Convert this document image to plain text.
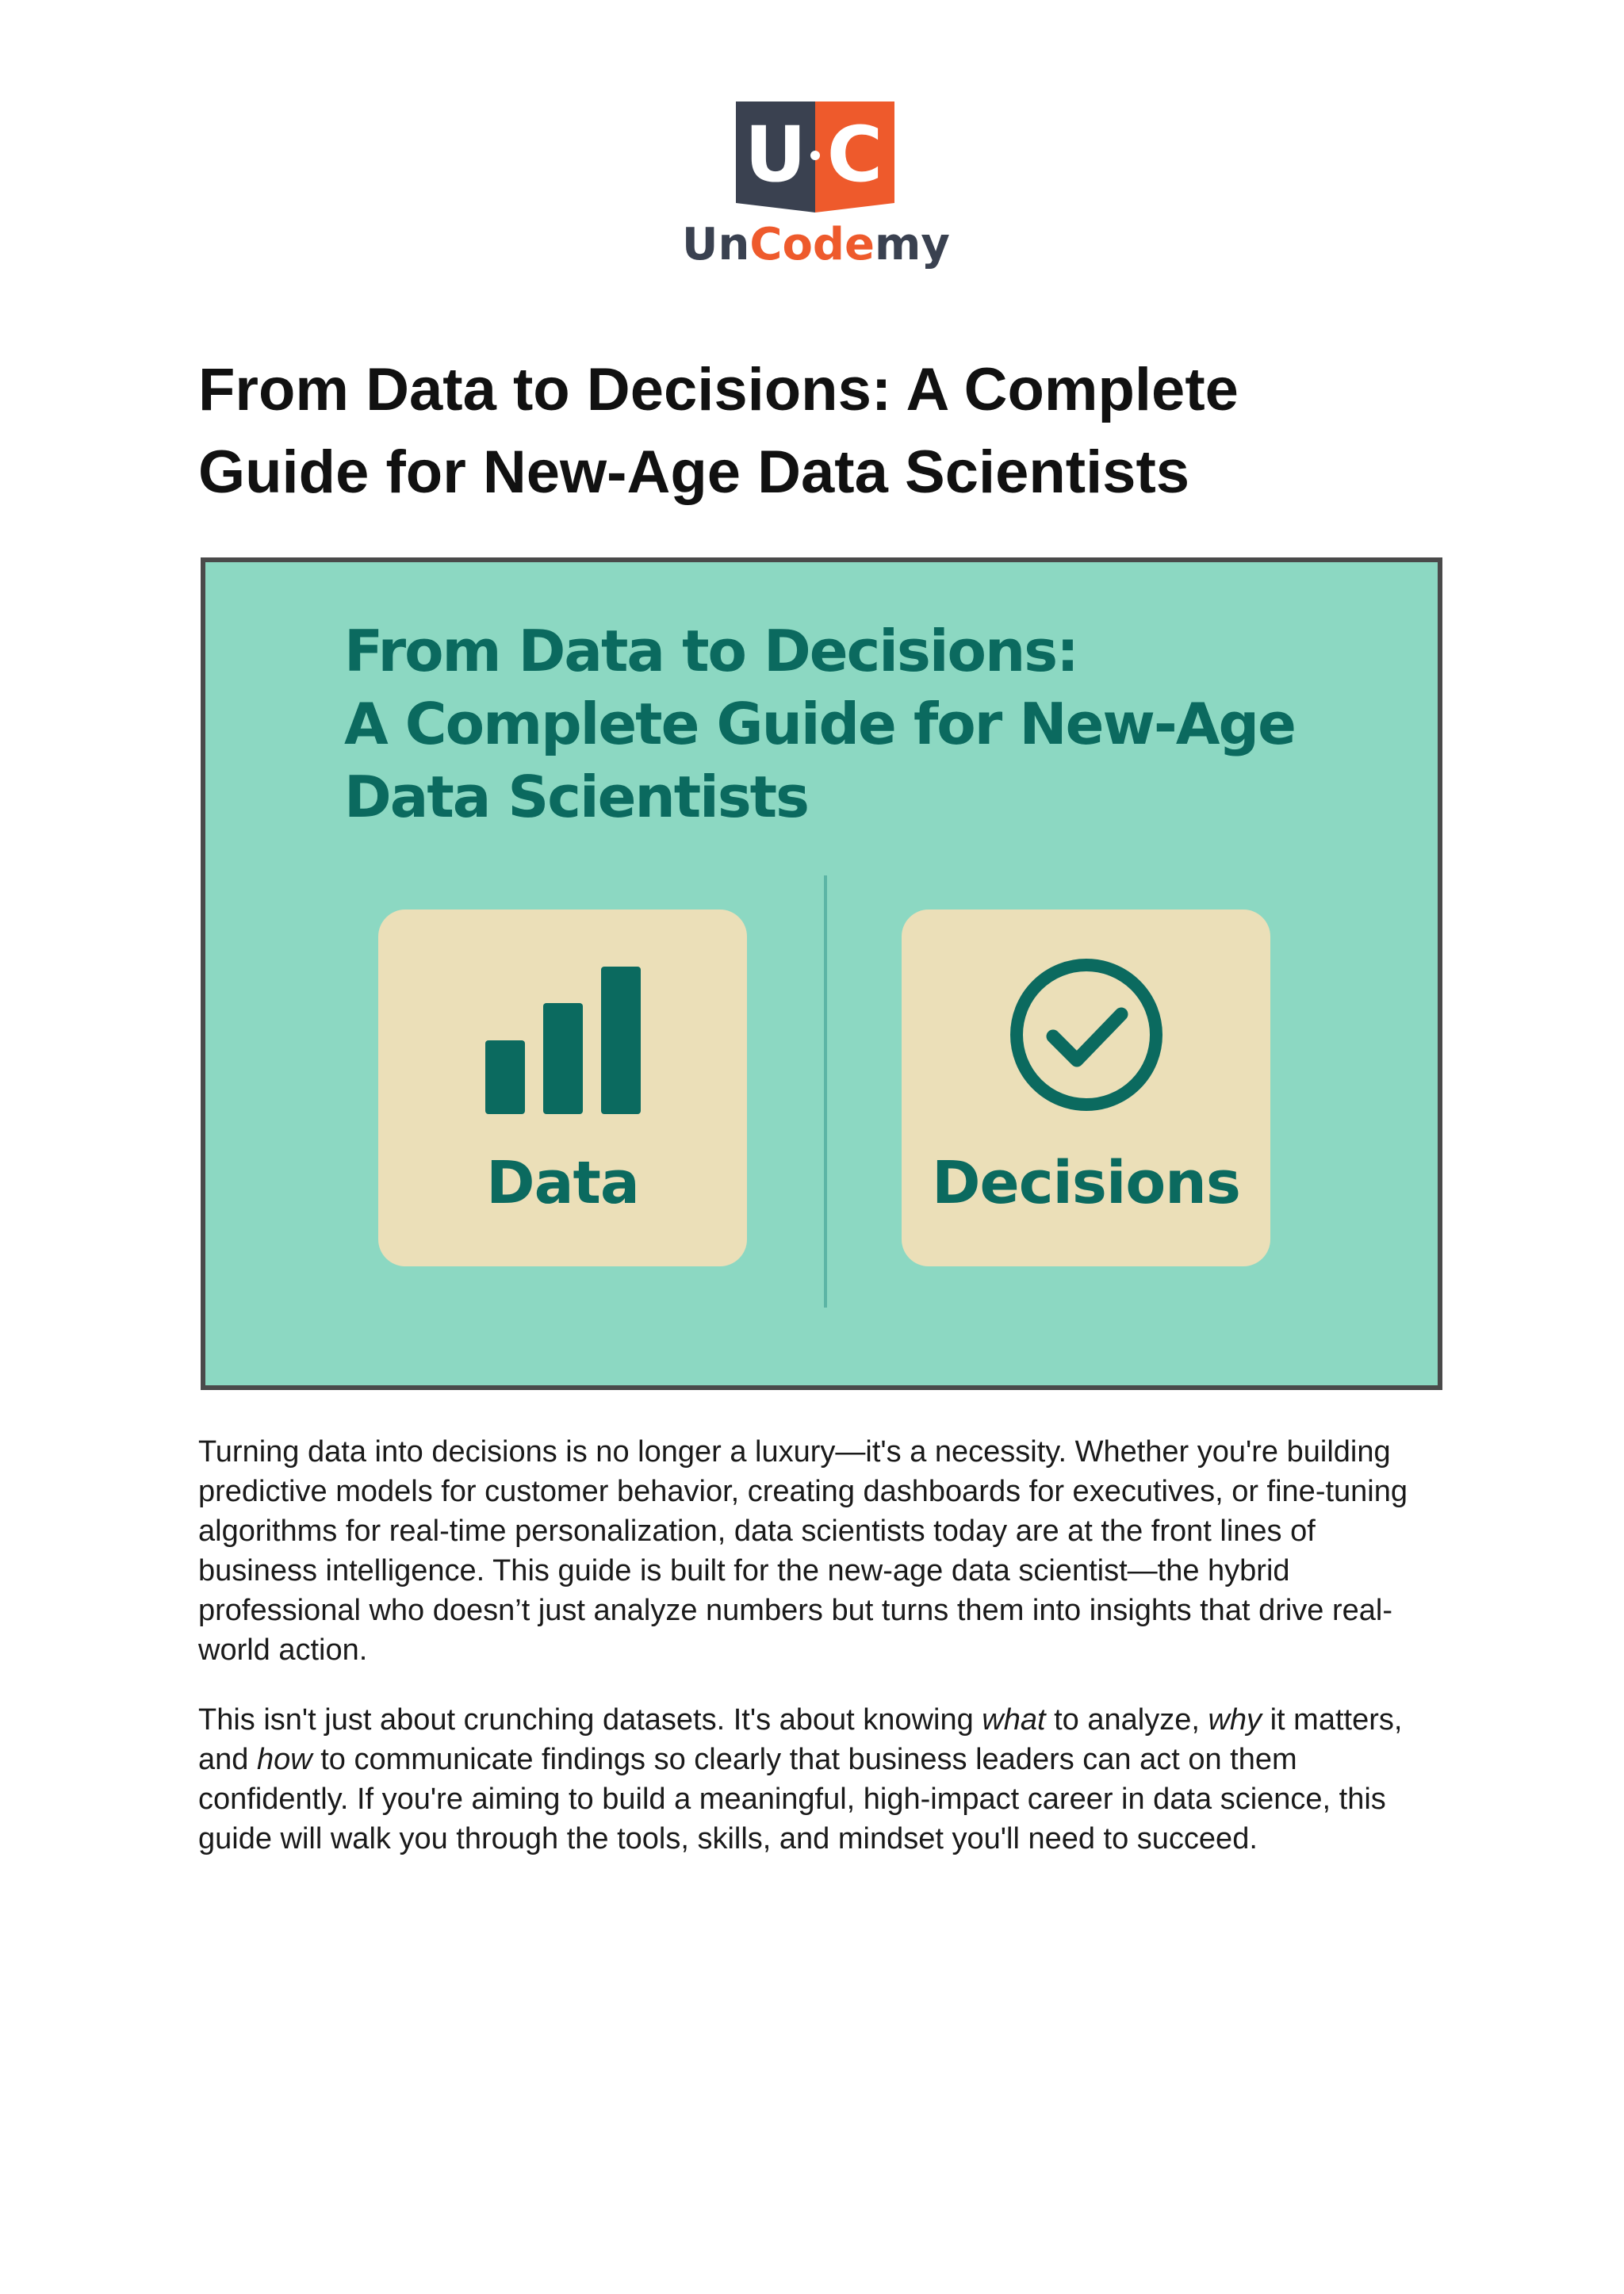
U C
UnCodemy
From Data to Decisions: A Complete
Guide for New-Age Data Scientists
From Data to Decisions:
A Complete Guide for New-Age
Data Scientists
Data	Decisions

Turning data into decisions is no longer a luxury—it's a necessity. Whether you're building predictive models for customer behavior, creating dashboards for executives, or fine-tuning algorithms for real-time personalization, data scientists today are at the front lines of business intelligence. This guide is built for the new-age data scientist—the hybrid professional who doesn’t just analyze numbers but turns them into insights that drive real-world action.

This isn't just about crunching datasets. It's about knowing what to analyze, why it matters, and how to communicate findings so clearly that business leaders can act on them confidently. If you're aiming to build a meaningful, high-impact career in data science, this guide will walk you through the tools, skills, and mindset you'll need to succeed.
